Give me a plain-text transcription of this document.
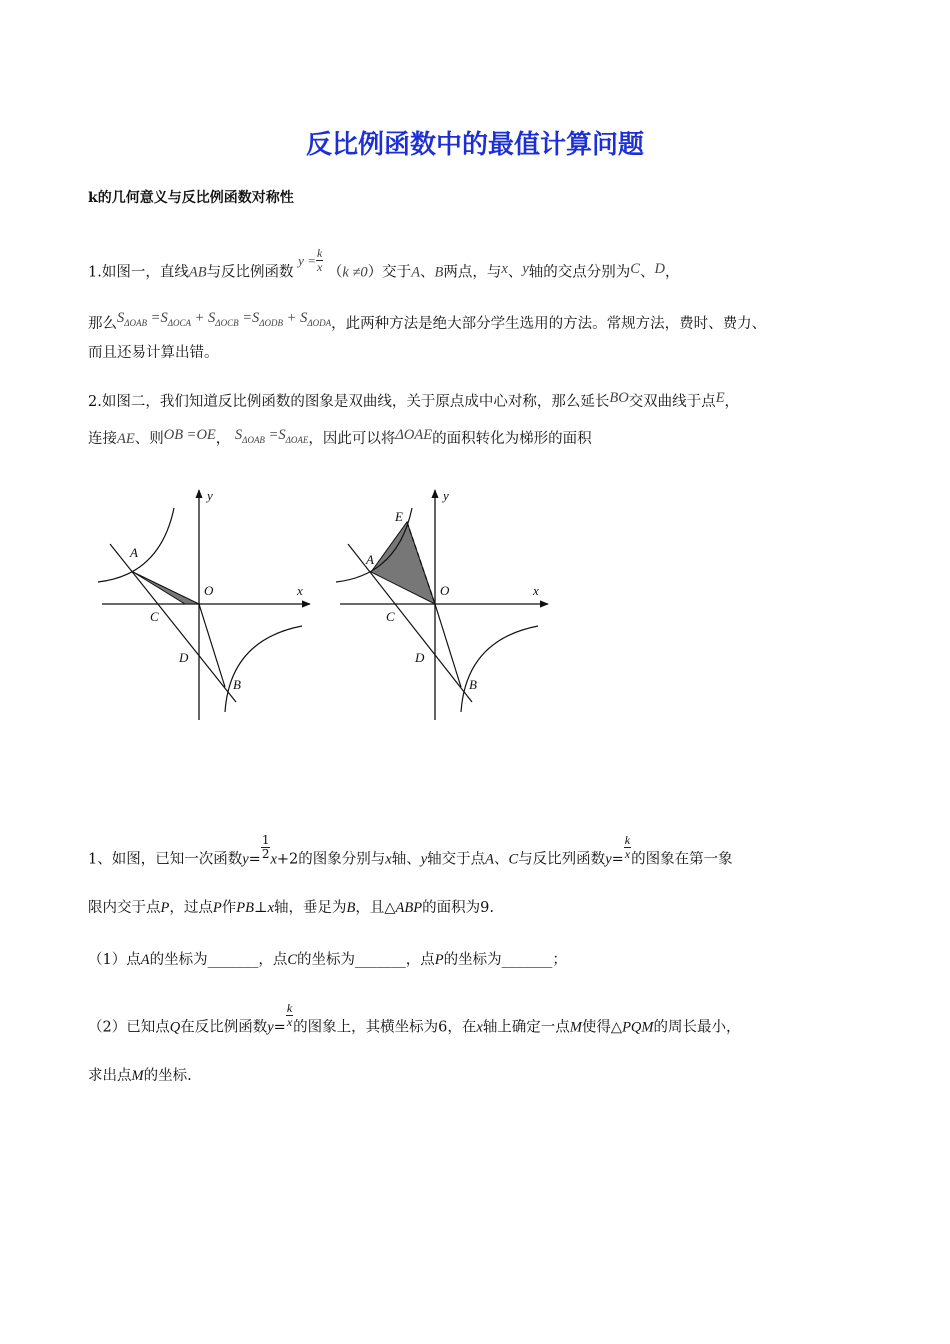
反比例函数中的最值计算问题
k的几何意义与反比例函数对称性
1.如图一，直线AB与反比例函数 $y = \frac{k}{x} (k \ne 0)$交于A、B两点，与x、y轴的交点分别为C、D，
那么$S_{\Delta OAB} =S_{\Delta OCA} + S_{\Delta OCB} =S_{\Delta ODB} + S_{\Delta ODA}$，此两种方法是绝大部分学生选用的方法。常规方法，费时、费力、
而且还易计算出错。
2.如图二，我们知道反比例函数的图象是双曲线，关于原点成中心对称，那么延长BO交双曲线于点E，
连接AE、则OB =OE， $S_{\Delta OAB} =S_{\Delta OAE}$，因此可以将ΔOAE的面积转化为梯形的面积
A
C
D
B
O	x
y
A
E
C
D
B
O	x
y
1、如图，已知一次函数$y= \frac{1}{2} x+2$的图象分别与x轴、y轴交于点A、C与反比列函数$y= \frac{k}{x}$ 的图象在第一象
限内交于点P，过点P作PB⊥x轴，垂足为B，且△ABP的面积为9.
（1）点A的坐标为_______，点C的坐标为_______，点P的坐标为_______；
（2）已知点Q在反比例函数$y= \frac{k}{x}$ 的图象上，其横坐标为6，在x轴上确定一点M使得△PQM的周长最小，
求出点M的坐标.
